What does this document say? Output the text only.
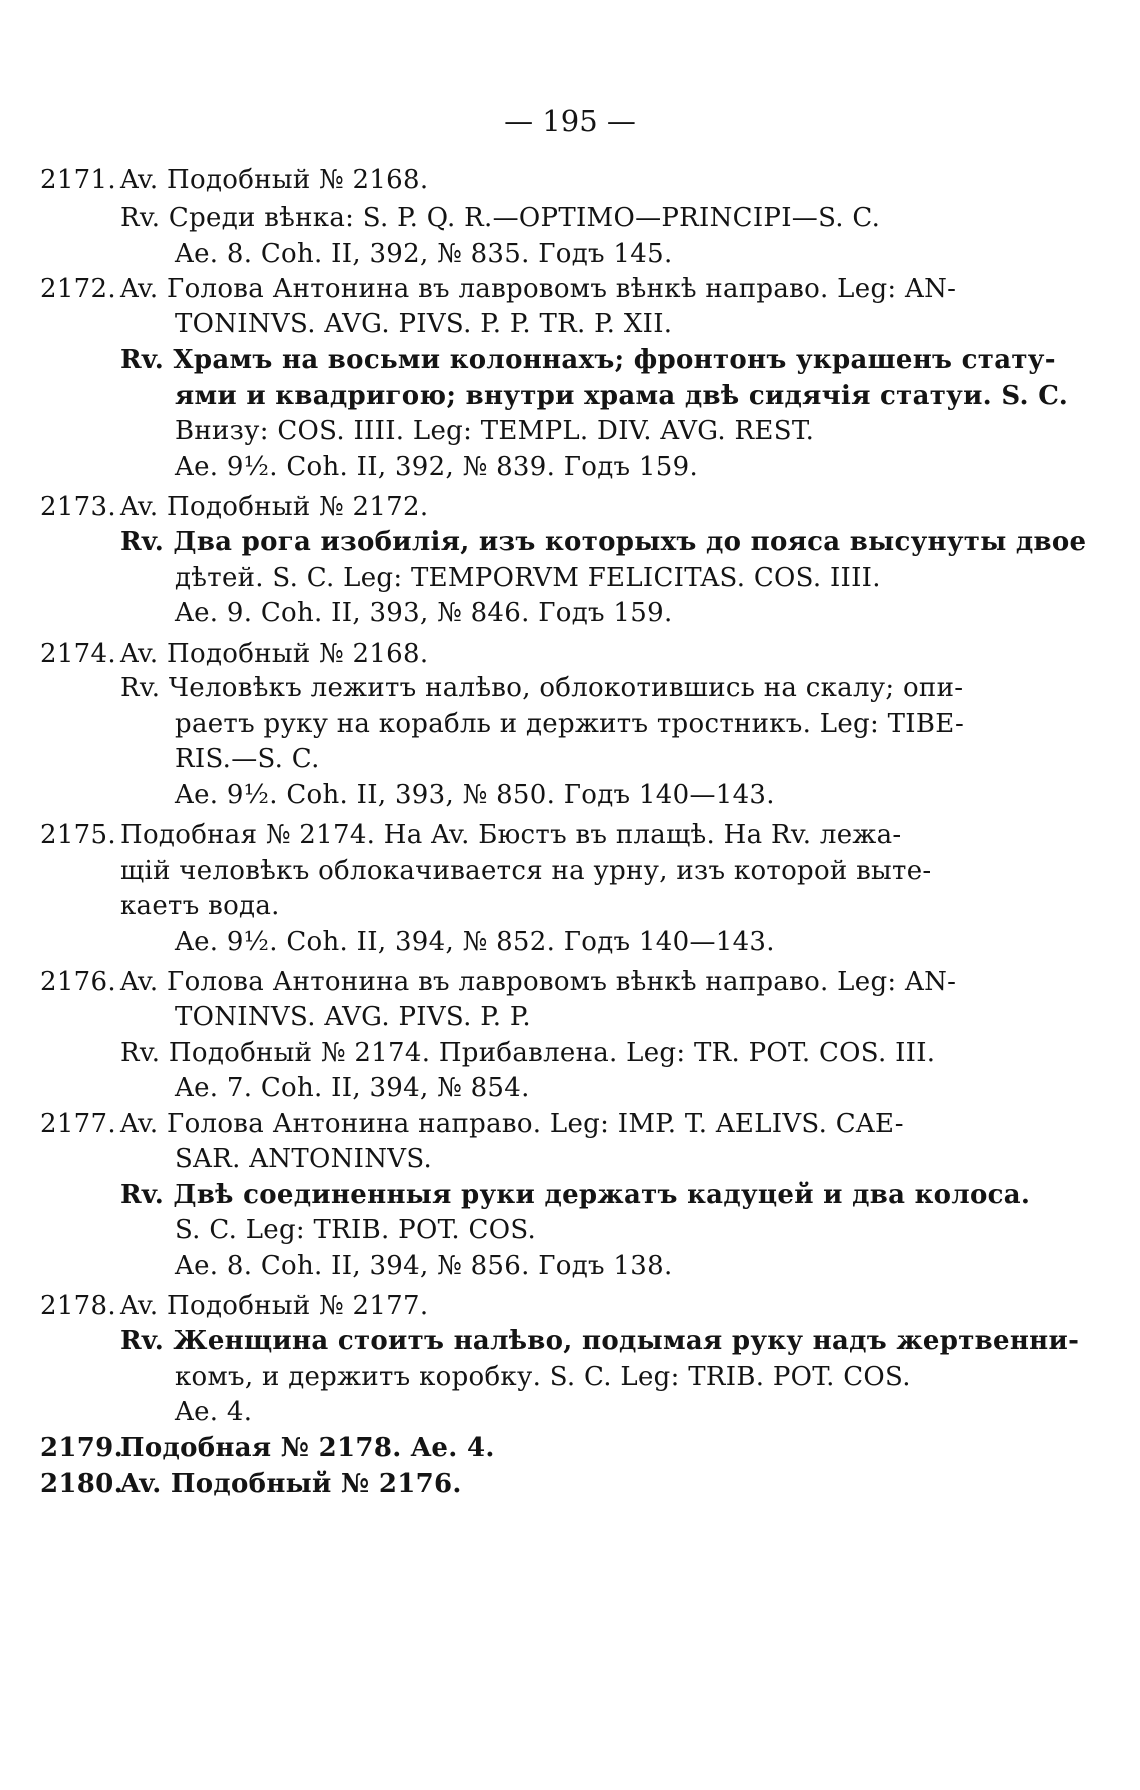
— 195 —
2171. Av. Подобный № 2168.
Rv. Среди вѣнка: S. P. Q. R.—OPTIMO—PRINCIPI—S. C.
Ae. 8. Coh. II, 392, № 835. Годъ 145.
2172. Av. Голова Антонина въ лавровомъ вѣнкѣ направо. Leg: AN-
TONINVS. AVG. PIVS. P. P. TR. P. XII.
Rv. Храмъ на восьми колоннахъ; фронтонъ украшенъ стату-
ями и квадригою; внутри храма двѣ сидячія статуи. S. C.
Внизу: COS. IIII. Leg: TEMPL. DIV. AVG. REST.
Ae. 9½. Coh. II, 392, № 839. Годъ 159.
2173. Av. Подобный № 2172.
Rv. Два рога изобилія, изъ которыхъ до пояса высунуты двое
дѣтей. S. C. Leg: TEMPORVM FELICITAS. COS. IIII.
Ae. 9. Coh. II, 393, № 846. Годъ 159.
2174. Av. Подобный № 2168.
Rv. Человѣкъ лежитъ налѣво, облокотившись на скалу; опи-
раетъ руку на корабль и держитъ тростникъ. Leg: TIBE-
RIS.—S. C.
Ae. 9½. Coh. II, 393, № 850. Годъ 140—143.
2175. Подобная № 2174. На Av. Бюстъ въ плащѣ. На Rv. лежа-
щій человѣкъ облокачивается на урну, изъ которой выте-
каетъ вода.
Ae. 9½. Coh. II, 394, № 852. Годъ 140—143.
2176. Av. Голова Антонина въ лавровомъ вѣнкѣ направо. Leg: AN-
TONINVS. AVG. PIVS. P. P.
Rv. Подобный № 2174. Прибавлена. Leg: TR. POT. COS. III.
Ae. 7. Coh. II, 394, № 854.
2177. Av. Голова Антонина направо. Leg: IMP. T. AELIVS. CAE-
SAR. ANTONINVS.
Rv. Двѣ соединенныя руки держатъ кадуцей и два колоса.
S. C. Leg: TRIB. POT. COS.
Ae. 8. Coh. II, 394, № 856. Годъ 138.
2178. Av. Подобный № 2177.
Rv. Женщина стоитъ налѣво, подымая руку надъ жертвенни-
комъ, и держитъ коробку. S. C. Leg: TRIB. POT. COS.
Ae. 4.
2179.Подобная № 2178. Ae. 4.
2180.Av. Подобный № 2176.
